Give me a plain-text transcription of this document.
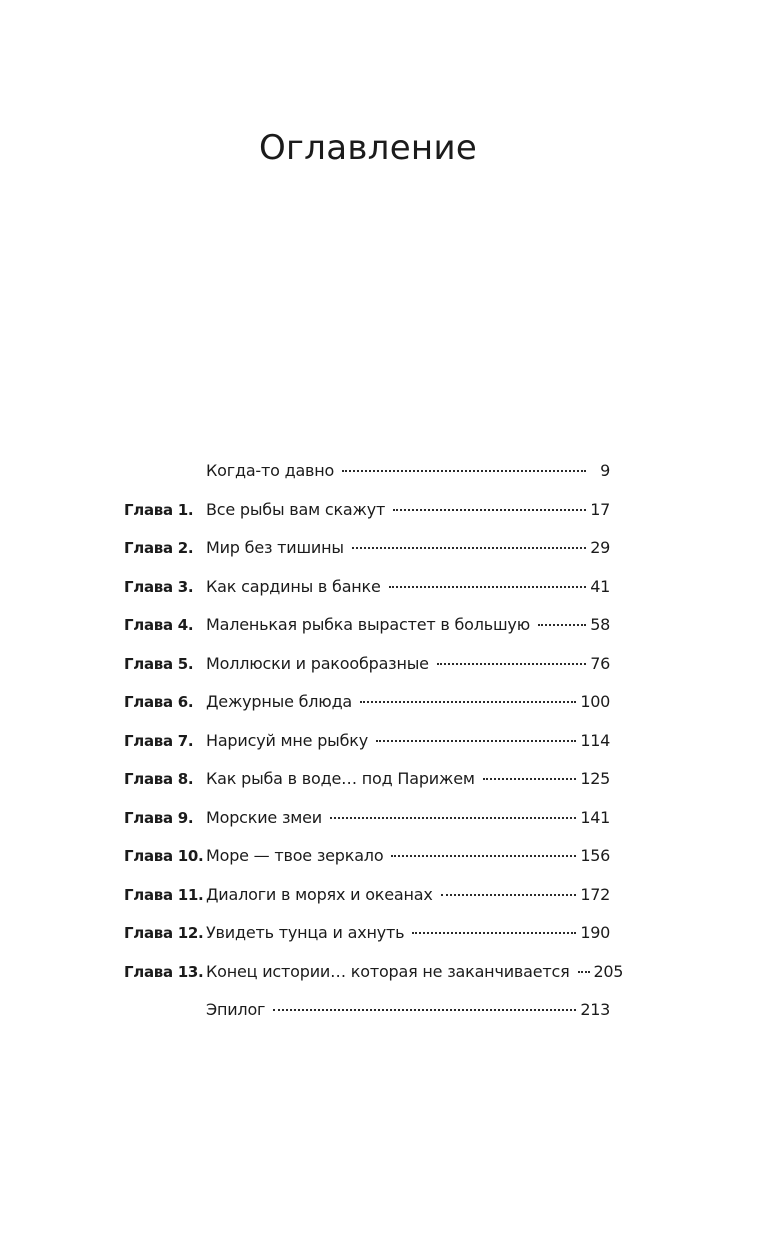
Оглавление
Когда-то давно	9
Глава 1. Все рыбы вам скажут	17
Глава 2. Мир без тишины	29
Глава 3. Как сардины в банке	41
Глава 4. Маленькая рыбка вырастет в большую	58
Глава 5. Моллюски и ракообразные	76
Глава 6. Дежурные блюда	100
Глава 7. Нарисуй мне рыбку	114
Глава 8. Как рыба в воде… под Парижем	125
Глава 9. Морские змеи	141
Глава 10. Море — твое зеркало	156
Глава 11. Диалоги в морях и океанах	172
Глава 12. Увидеть тунца и ахнуть	190
Глава 13. Конец истории… которая не заканчивается 205
Эпилог	213
